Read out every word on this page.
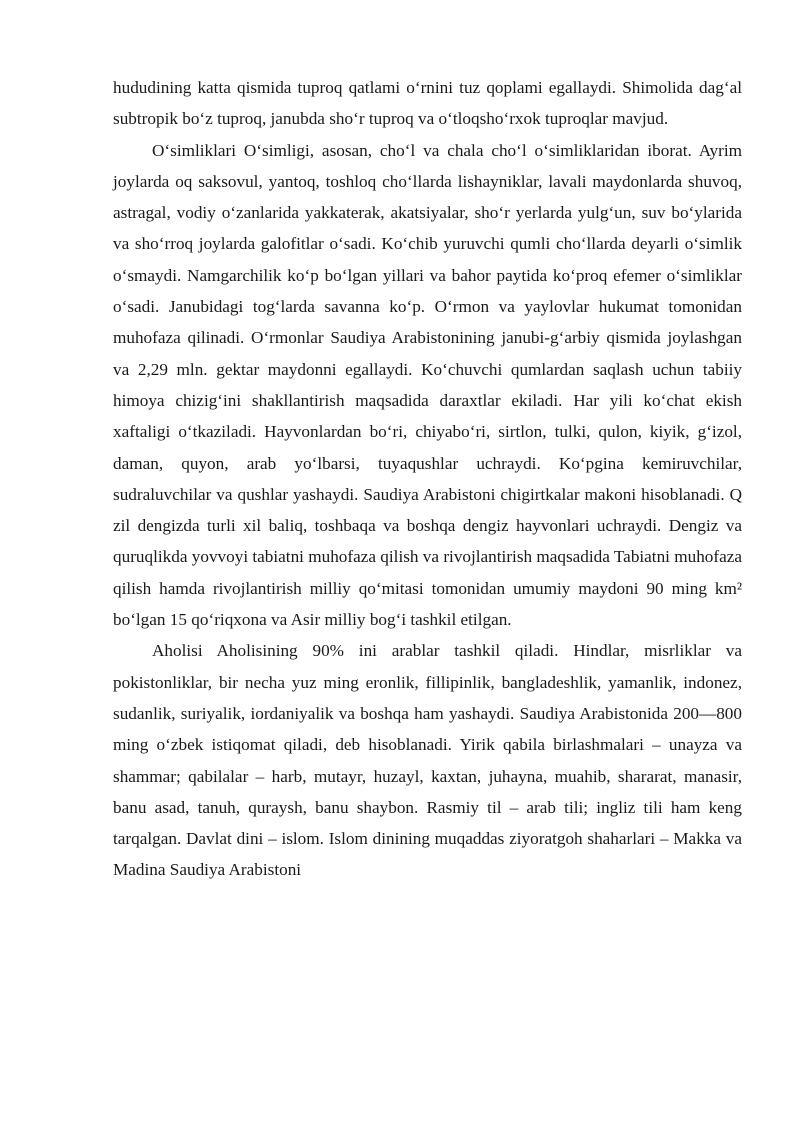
hududining katta qismida tuproq qatlami o‘rnini tuz qoplami egallaydi. Shimolida dag‘al subtropik bo‘z tuproq, janubda sho‘r tuproq va o‘tloqsho‘rxok tuproqlar mavjud.

O‘simliklari O‘simligi, asosan, cho‘l va chala cho‘l o‘simliklaridan iborat. Ayrim joylarda oq saksovul, yantoq, toshloq cho‘llarda lishayniklar, lavali maydonlarda shuvoq, astragal, vodiy o‘zanlarida yakkaterak, akatsiyalar, sho‘r yerlarda yulg‘un, suv bo‘ylarida va sho‘rroq joylarda galofitlar o‘sadi. Ko‘chib yuruvchi qumli cho‘llarda deyarli o‘simlik o‘smaydi. Namgarchilik ko‘p bo‘lgan yillari va bahor paytida ko‘proq efemer o‘simliklar o‘sadi. Janubidagi tog‘larda savanna ko‘p. O‘rmon va yaylovlar hukumat tomonidan muhofaza qilinadi. O‘rmonlar Saudiya Arabistonining janubi-g‘arbiy qismida joylashgan va 2,29 mln. gektar maydonni egallaydi. Ko‘chuvchi qumlardan saqlash uchun tabiiy himoya chizig‘ini shakllantirish maqsadida daraxtlar ekiladi. Har yili ko‘chat ekish xaftaligi o‘tkaziladi. Hayvonlardan bo‘ri, chiyabo‘ri, sirtlon, tulki, qulon, kiyik, g‘izol, daman, quyon, arab yo‘lbarsi, tuyaqushlar uchraydi. Ko‘pgina kemiruvchilar, sudraluvchilar va qushlar yashaydi. Saudiya Arabistoni chigirtkalar makoni hisoblanadi. Q zil dengizda turli xil baliq, toshbaqa va boshqa dengiz hayvonlari uchraydi. Dengiz va quruqlikda yovvoyi tabiatni muhofaza qilish va rivojlantirish maqsadida Tabiatni muhofaza qilish hamda rivojlantirish milliy qo‘mitasi tomonidan umumiy maydoni 90 ming km² bo‘lgan 15 qo‘riqxona va Asir milliy bog‘i tashkil etilgan.

Aholisi Aholisining 90% ini arablar tashkil qiladi. Hindlar, misrliklar va pokistonliklar, bir necha yuz ming eronlik, fillipinlik, bangladeshlik, yamanlik, indonez, sudanlik, suriyalik, iordaniyalik va boshqa ham yashaydi. Saudiya Arabistonida 200—800 ming o‘zbek istiqomat qiladi, deb hisoblanadi. Yirik qabila birlashmalari – unayza va shammar; qabilalar – harb, mutayr, huzayl, kaxtan, juhayna, muahib, shararat, manasir, banu asad, tanuh, quraysh, banu shaybon. Rasmiy til – arab tili; ingliz tili ham keng tarqalgan. Davlat dini – islom. Islom dinining muqaddas ziyoratgoh shaharlari – Makka va Madina Saudiya Arabistoni
